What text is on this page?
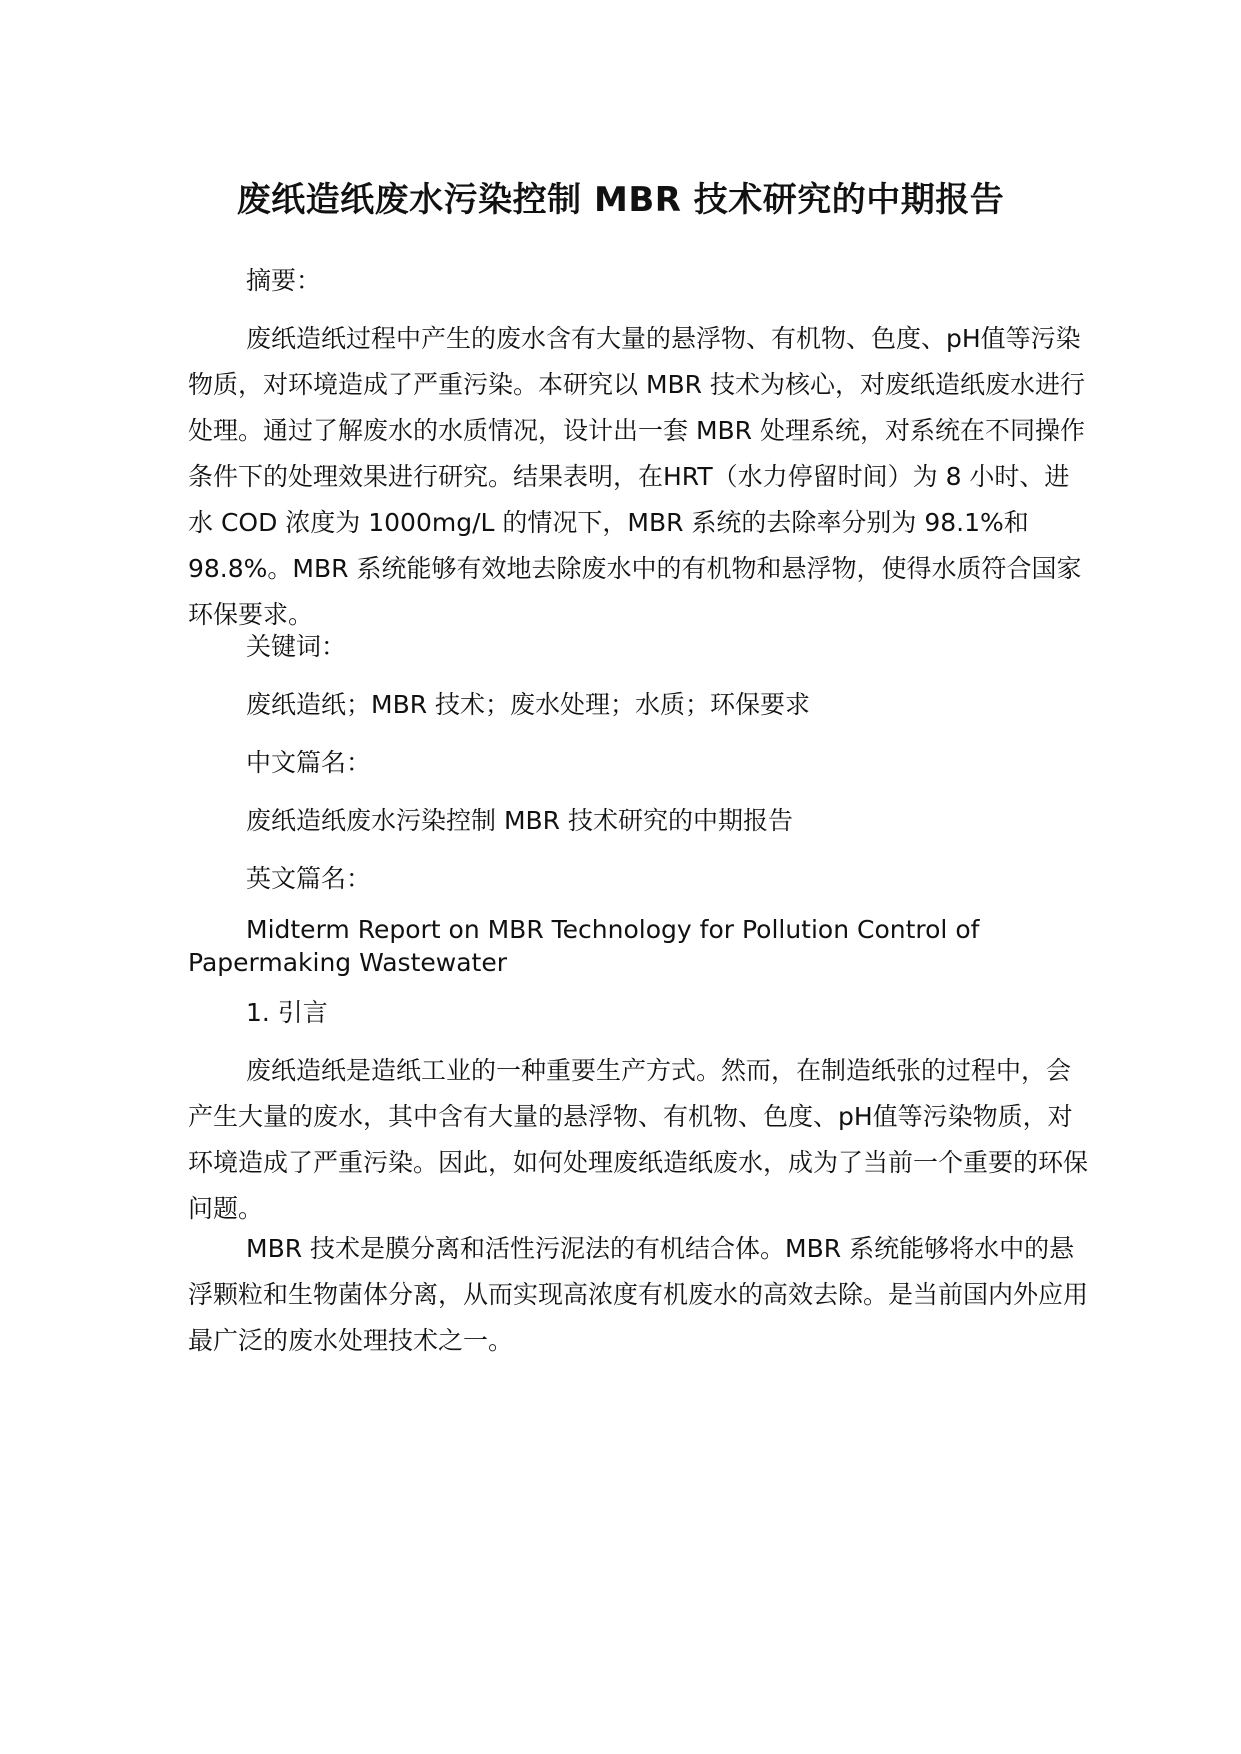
废纸造纸废水污染控制 MBR 技术研究的中期报告

摘要：

废纸造纸过程中产生的废水含有大量的悬浮物、有机物、色度、pH值等污染物质，对环境造成了严重污染。本研究以 MBR 技术为核心，对废纸造纸废水进行处理。通过了解废水的水质情况，设计出一套 MBR 处理系统，对系统在不同操作条件下的处理效果进行研究。结果表明，在HRT（水力停留时间）为 8 小时、进水 COD 浓度为 1000mg/L 的情况下，MBR 系统的去除率分别为 98.1%和 98.8%。MBR 系统能够有效地去除废水中的有机物和悬浮物，使得水质符合国家环保要求。

关键词：

废纸造纸；MBR 技术；废水处理；水质；环保要求

中文篇名：

废纸造纸废水污染控制 MBR 技术研究的中期报告

英文篇名：

Midterm Report on MBR Technology for Pollution Control of Papermaking Wastewater

1. 引言

废纸造纸是造纸工业的一种重要生产方式。然而，在制造纸张的过程中，会产生大量的废水，其中含有大量的悬浮物、有机物、色度、pH值等污染物质，对环境造成了严重污染。因此，如何处理废纸造纸废水，成为了当前一个重要的环保问题。

MBR 技术是膜分离和活性污泥法的有机结合体。MBR 系统能够将水中的悬浮颗粒和生物菌体分离，从而实现高浓度有机废水的高效去除。是当前国内外应用最广泛的废水处理技术之一。
